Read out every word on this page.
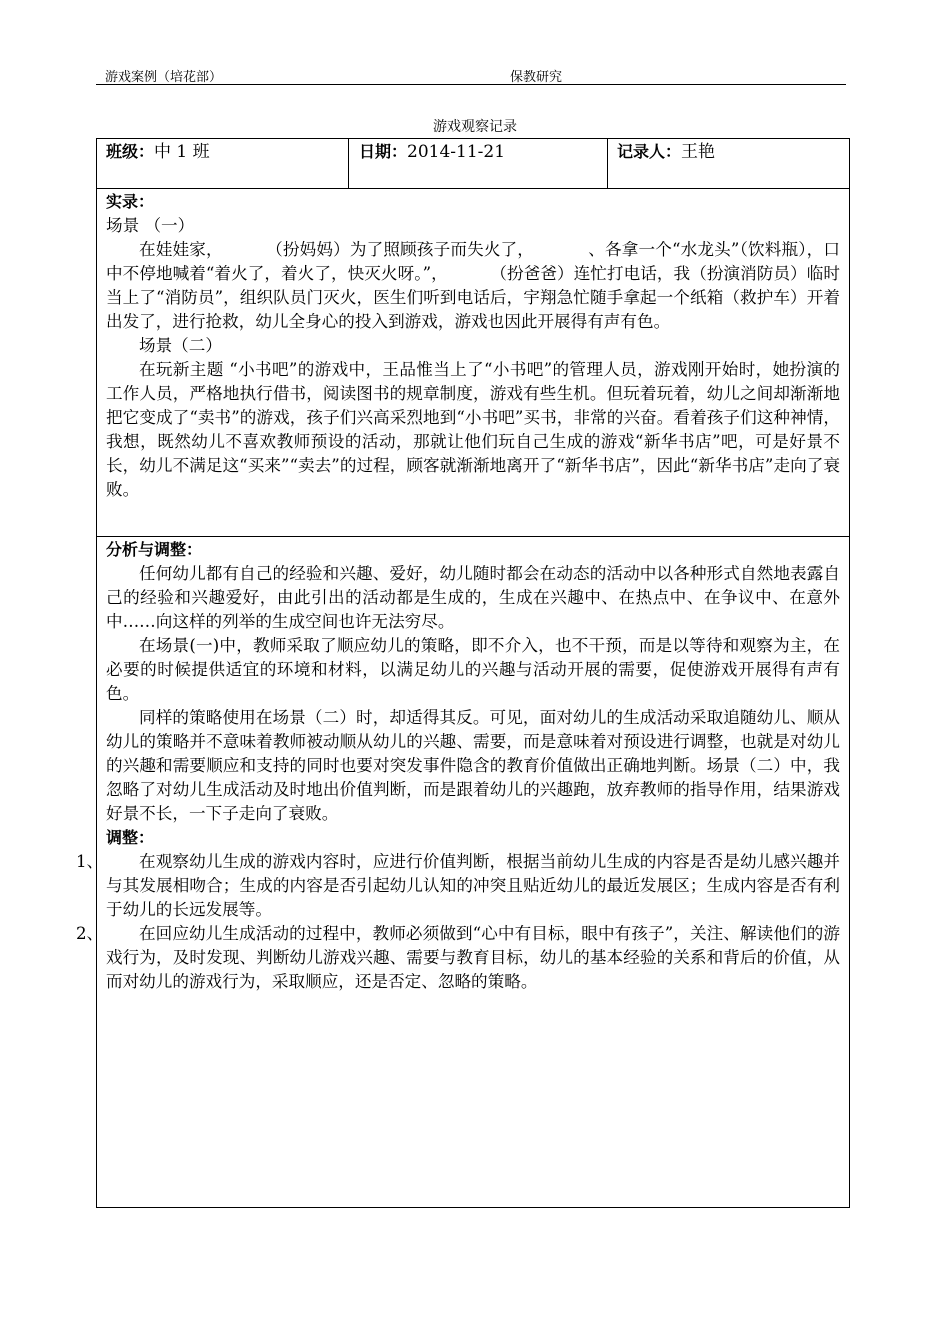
游戏案例（培花部）	保教研究
游戏观察记录
班级：中 1 班	日期：2014-11-21	记录人：王艳
实录：
场景 （一）

在娃娃家，        （扮妈妈）为了照顾孩子而失火了，          、各拿一个“水龙头”（饮料瓶），口中不停地喊着“着火了，着火了，快灭火呀。”，        （扮爸爸）连忙打电话，我（扮演消防员）临时当上了“消防员”，组织队员门灭火，医生们听到电话后，宇翔急忙随手拿起一个纸箱（救护车）开着出发了，进行抢救，幼儿全身心的投入到游戏，游戏也因此开展得有声有色。

场景（二）

在玩新主题 “小书吧”的游戏中，王品惟当上了“小书吧”的管理人员，游戏刚开始时，她扮演的工作人员，严格地执行借书，阅读图书的规章制度，游戏有些生机。但玩着玩着，幼儿之间却渐渐地把它变成了“卖书”的游戏，孩子们兴高采烈地到“小书吧”买书，非常的兴奋。看着孩子们这种神情，我想，既然幼儿不喜欢教师预设的活动，那就让他们玩自己生成的游戏“新华书店”吧，可是好景不长，幼儿不满足这“买来”“卖去”的过程，顾客就渐渐地离开了“新华书店”，因此“新华书店”走向了衰败。

分析与调整：

任何幼儿都有自己的经验和兴趣、爱好，幼儿随时都会在动态的活动中以各种形式自然地表露自己的经验和兴趣爱好，由此引出的活动都是生成的，生成在兴趣中、在热点中、在争议中、在意外中……向这样的列举的生成空间也许无法穷尽。

在场景(一)中，教师采取了顺应幼儿的策略，即不介入，也不干预，而是以等待和观察为主，在必要的时候提供适宜的环境和材料，以满足幼儿的兴趣与活动开展的需要，促使游戏开展得有声有色。

同样的策略使用在场景（二）时，却适得其反。可见，面对幼儿的生成活动采取追随幼儿、顺从幼儿的策略并不意味着教师被动顺从幼儿的兴趣、需要，而是意味着对预设进行调整，也就是对幼儿的兴趣和需要顺应和支持的同时也要对突发事件隐含的教育价值做出正确地判断。场景（二）中，我忽略了对幼儿生成活动及时地出价值判断，而是跟着幼儿的兴趣跑，放弃教师的指导作用，结果游戏好景不长，一下子走向了衰败。

调整：
1、	在观察幼儿生成的游戏内容时，应进行价值判断，根据当前幼儿生成的内容是否是幼儿感兴趣并与其发展相吻合；生成的内容是否引起幼儿认知的冲突且贴近幼儿的最近发展区；生成内容是否有利于幼儿的长远发展等。

2、	在回应幼儿生成活动的过程中，教师必须做到“心中有目标，眼中有孩子”，关注、解读他们的游戏行为，及时发现、判断幼儿游戏兴趣、需要与教育目标，幼儿的基本经验的关系和背后的价值，从而对幼儿的游戏行为，采取顺应，还是否定、忽略的策略。
